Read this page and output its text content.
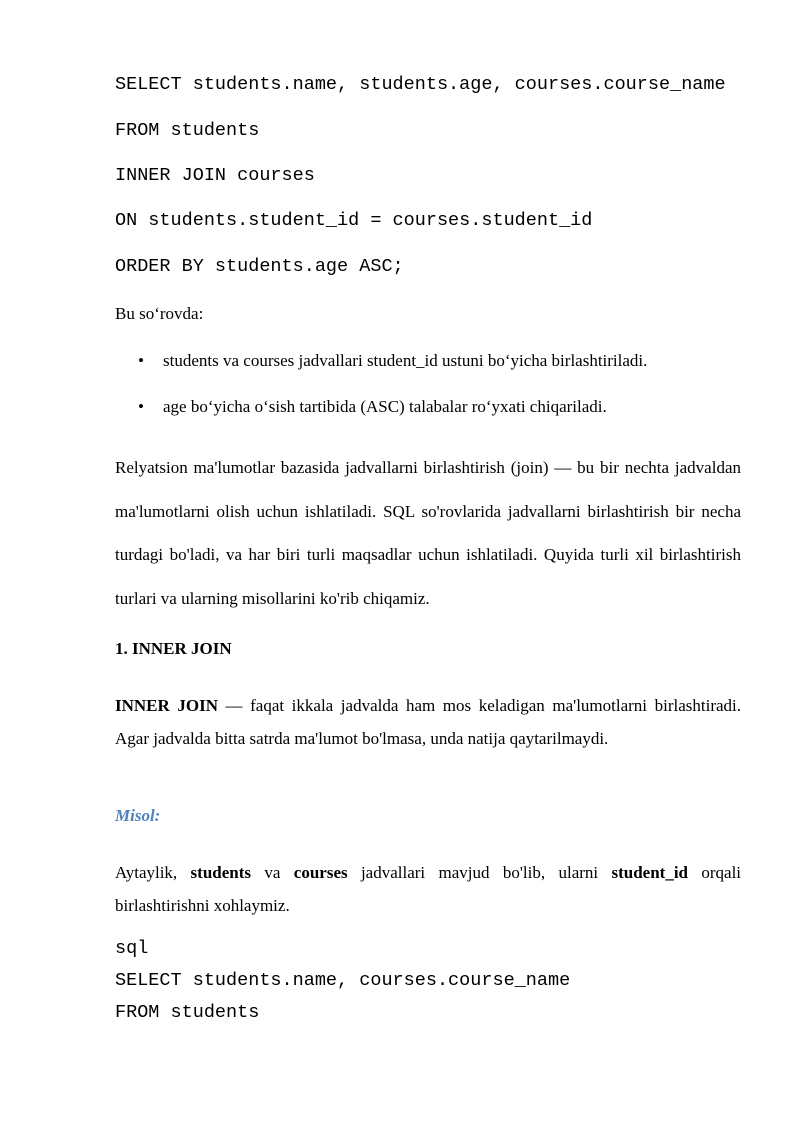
SELECT students.name, students.age, courses.course_name

FROM students

INNER JOIN courses

ON students.student_id = courses.student_id

ORDER BY students.age ASC;

Bu so‘rovda:

• students va courses jadvallari student_id ustuni bo‘yicha birlashtiriladi.
• age bo‘yicha o‘sish tartibida (ASC) talabalar ro‘yxati chiqariladi.

Relyatsion ma'lumotlar bazasida jadvallarni birlashtirish (join) — bu bir nechta jadvaldan ma'lumotlarni olish uchun ishlatiladi. SQL so'rovlarida jadvallarni birlashtirish bir necha turdagi bo'ladi, va har biri turli maqsadlar uchun ishlatiladi. Quyida turli xil birlashtirish turlari va ularning misollarini ko'rib chiqamiz.

1. INNER JOIN

INNER JOIN — faqat ikkala jadvalda ham mos keladigan ma'lumotlarni birlashtiradi. Agar jadvalda bitta satrda ma'lumot bo'lmasa, unda natija qaytarilmaydi.

Misol:

Aytaylik, students va courses jadvallari mavjud bo'lib, ularni student_id orqali birlashtirishni xohlaymiz.

sql

SELECT students.name, courses.course_name

FROM students
